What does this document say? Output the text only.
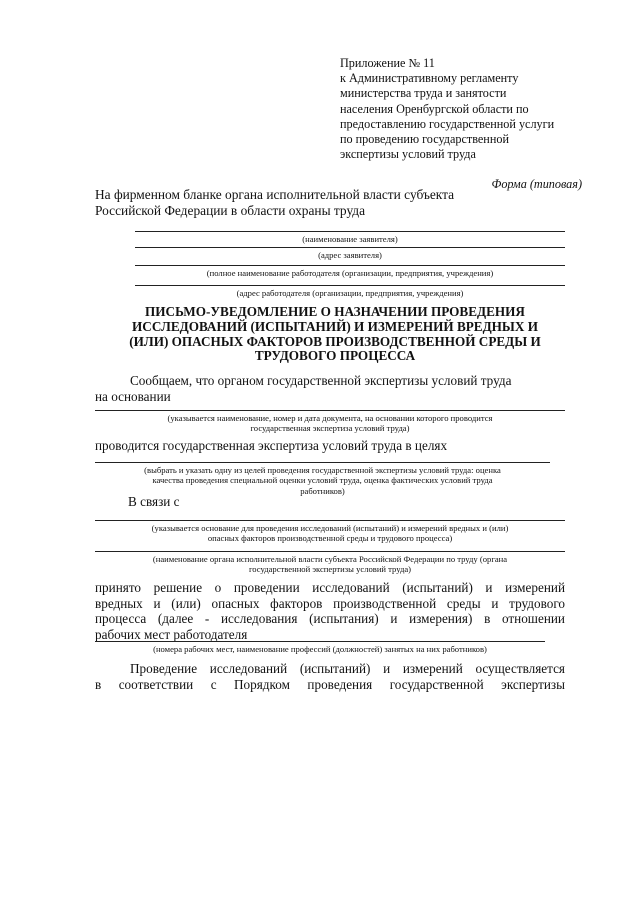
Приложение № 11
к Административному регламенту
министерства труда и занятости
населения Оренбургской области по
предоставлению государственной услуги
по проведению государственной
экспертизы условий труда
Форма (типовая)
На фирменном бланке органа исполнительной власти субъекта
Российской Федерации в области охраны труда
(наименование заявителя)
(адрес заявителя)
(полное наименование работодателя (организации, предприятия, учреждения)
(адрес работодателя (организации, предприятия, учреждения)
ПИСЬМО-УВЕДОМЛЕНИЕ О НАЗНАЧЕНИИ ПРОВЕДЕНИЯ
ИССЛЕДОВАНИЙ (ИСПЫТАНИЙ) И ИЗМЕРЕНИЙ ВРЕДНЫХ И
(ИЛИ) ОПАСНЫХ ФАКТОРОВ ПРОИЗВОДСТВЕННОЙ СРЕДЫ И
ТРУДОВОГО ПРОЦЕССА
Сообщаем, что органом государственной экспертизы условий труда
на основании
(указывается наименование, номер и дата документа, на основании которого проводится
государственная экспертиза условий труда)
проводится государственная экспертиза условий труда в целях
(выбрать и указать одну из целей проведения государственной экспертизы условий труда: оценка
качества проведения специальной оценки условий труда, оценка фактических условий труда
работников)
В связи с
(указывается основание для проведения исследований (испытаний) и измерений вредных и (или)
опасных факторов производственной среды и трудового процесса)
(наименование органа исполнительной власти субъекта Российской Федерации по труду (органа
государственной экспертизы условий труда)
принято решение о проведении исследований (испытаний) и измерений
вредных и (или) опасных факторов производственной среды и трудового
процесса (далее - исследования (испытания) и измерения) в отношении
рабочих мест работодателя
(номера рабочих мест, наименование профессий (должностей) занятых на них работников)
Проведение исследований (испытаний) и измерений осуществляется
в соответствии с Порядком проведения государственной экспертизы
